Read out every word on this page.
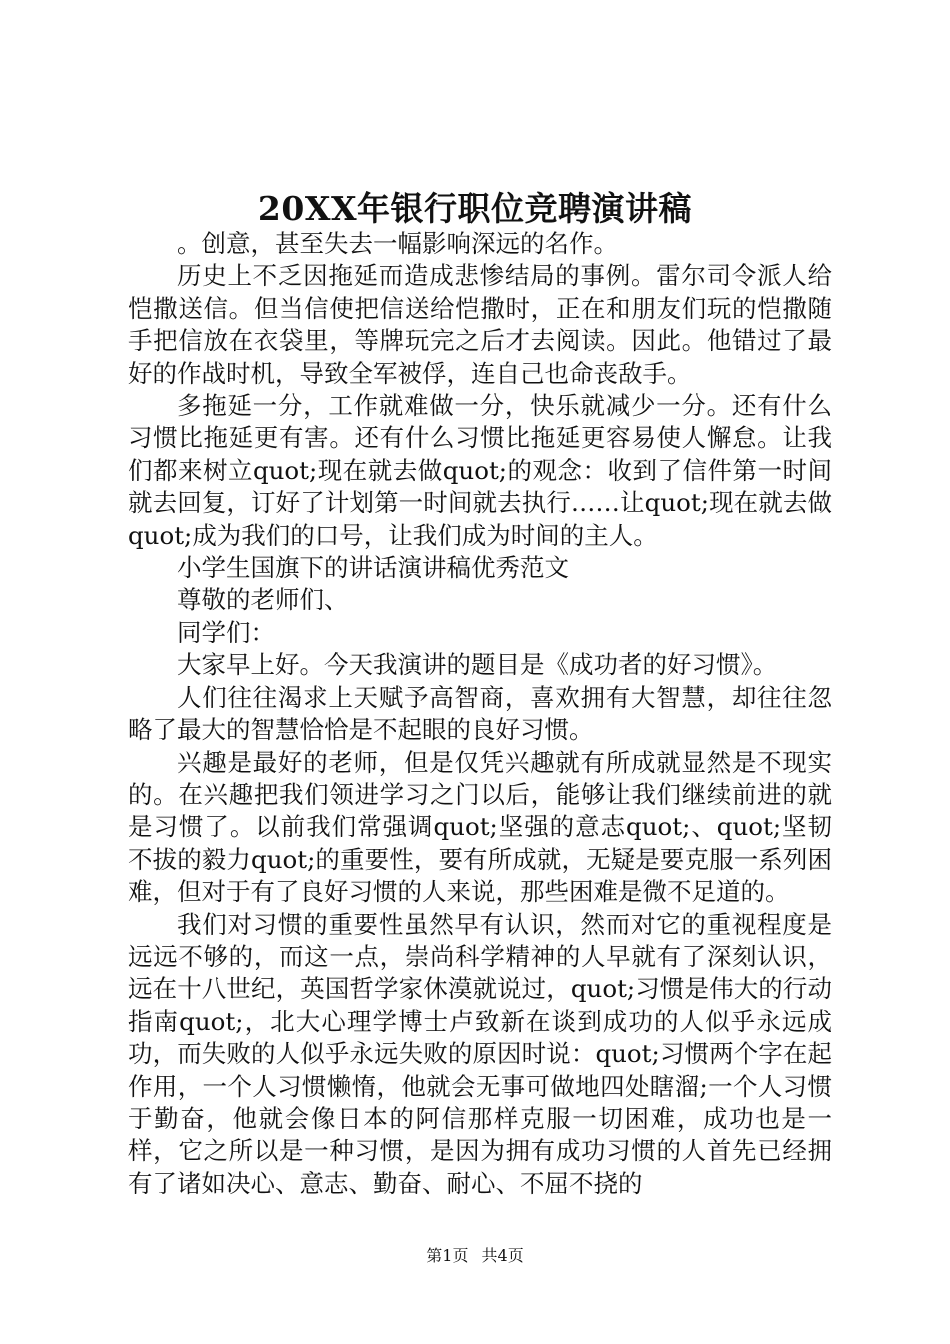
20XX年银行职位竞聘演讲稿

。创意，甚至失去一幅影响深远的名作。

历史上不乏因拖延而造成悲惨结局的事例。雷尔司令派人给恺撒送信。但当信使把信送给恺撒时，正在和朋友们玩的恺撒随手把信放在衣袋里，等牌玩完之后才去阅读。因此。他错过了最好的作战时机，导致全军被俘，连自己也命丧敌手。

多拖延一分，工作就难做一分，快乐就减少一分。还有什么习惯比拖延更有害。还有什么习惯比拖延更容易使人懈怠。让我们都来树立quot;现在就去做quot;的观念：收到了信件第一时间就去回复，订好了计划第一时间就去执行……让quot;现在就去做quot;成为我们的口号，让我们成为时间的主人。

小学生国旗下的讲话演讲稿优秀范文

尊敬的老师们、

同学们：

大家早上好。今天我演讲的题目是《成功者的好习惯》。

人们往往渴求上天赋予高智商，喜欢拥有大智慧，却往往忽略了最大的智慧恰恰是不起眼的良好习惯。

兴趣是最好的老师，但是仅凭兴趣就有所成就显然是不现实的。在兴趣把我们领进学习之门以后，能够让我们继续前进的就是习惯了。以前我们常强调quot;坚强的意志quot;、quot;坚韧不拔的毅力quot;的重要性，要有所成就，无疑是要克服一系列困难，但对于有了良好习惯的人来说，那些困难是微不足道的。

我们对习惯的重要性虽然早有认识，然而对它的重视程度是远远不够的，而这一点，崇尚科学精神的人早就有了深刻认识，远在十八世纪，英国哲学家休漠就说过，quot;习惯是伟大的行动指南quot;，北大心理学博士卢致新在谈到成功的人似乎永远成功，而失败的人似乎永远失败的原因时说：quot;习惯两个字在起作用，一个人习惯懒惰，他就会无事可做地四处瞎溜;一个人习惯于勤奋，他就会像日本的阿信那样克服一切困难，成功也是一样，它之所以是一种习惯，是因为拥有成功习惯的人首先已经拥有了诸如决心、意志、勤奋、耐心、不屈不挠的

第1页 共4页
